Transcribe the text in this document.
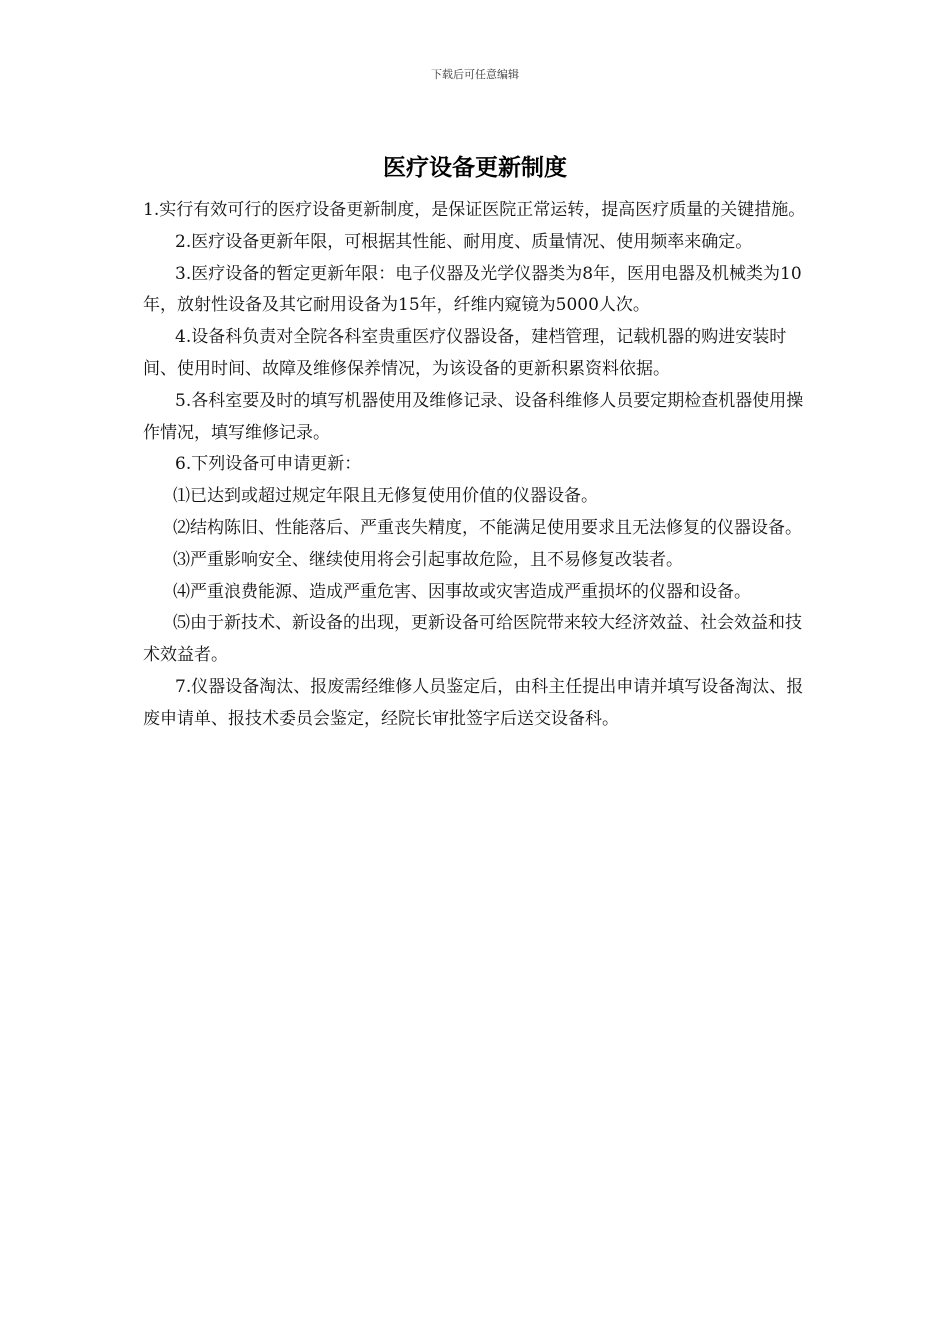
下载后可任意编辑
医疗设备更新制度

1.实行有效可行的医疗设备更新制度，是保证医院正常运转，提高医疗质量的关键措施。

2.医疗设备更新年限，可根据其性能、耐用度、质量情况、使用频率来确定。

3.医疗设备的暂定更新年限：电子仪器及光学仪器类为8年，医用电器及机械类为10年，放射性设备及其它耐用设备为15年，纤维内窥镜为5000人次。

4.设备科负责对全院各科室贵重医疗仪器设备，建档管理，记载机器的购进安装时间、使用时间、故障及维修保养情况，为该设备的更新积累资料依据。

5.各科室要及时的填写机器使用及维修记录、设备科维修人员要定期检查机器使用操作情况，填写维修记录。

6.下列设备可申请更新：

⑴已达到或超过规定年限且无修复使用价值的仪器设备。

⑵结构陈旧、性能落后、严重丧失精度，不能满足使用要求且无法修复的仪器设备。

⑶严重影响安全、继续使用将会引起事故危险，且不易修复改装者。

⑷严重浪费能源、造成严重危害、因事故或灾害造成严重损坏的仪器和设备。

⑸由于新技术、新设备的出现，更新设备可给医院带来较大经济效益、社会效益和技术效益者。

7.仪器设备淘汰、报废需经维修人员鉴定后，由科主任提出申请并填写设备淘汰、报废申请单、报技术委员会鉴定，经院长审批签字后送交设备科。
